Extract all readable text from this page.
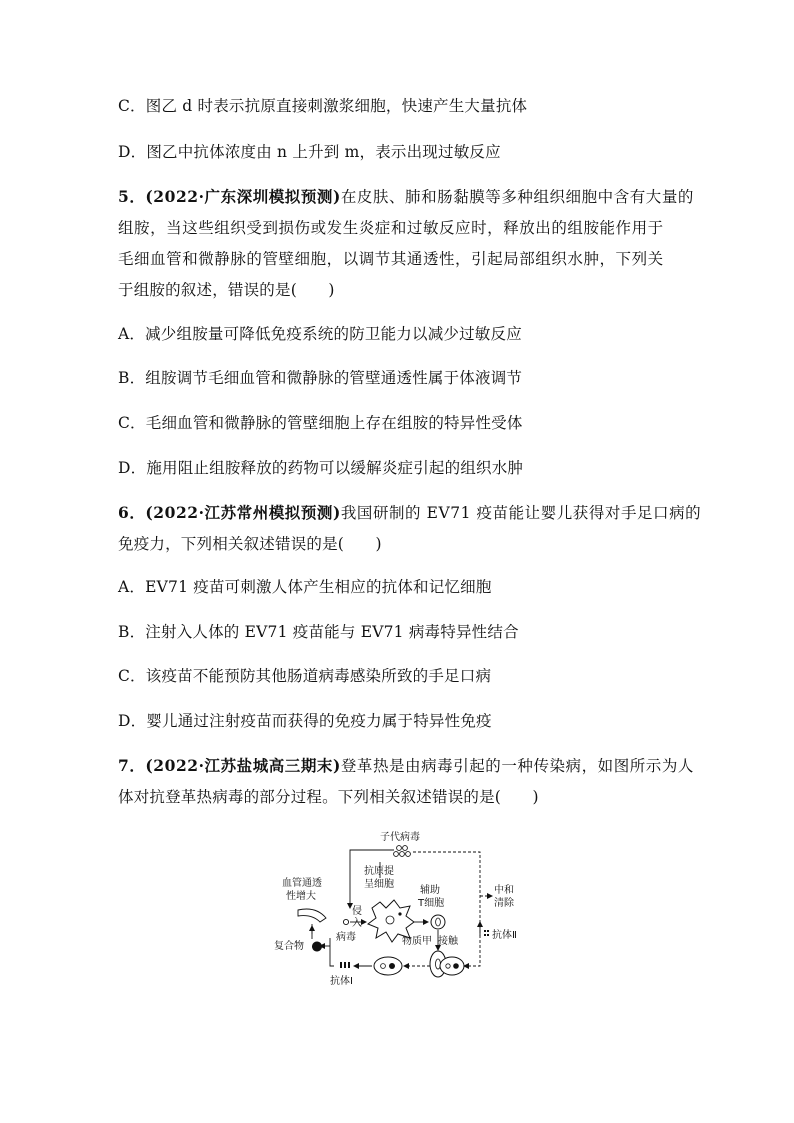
C．图乙 d 时表示抗原直接刺激浆细胞，快速产生大量抗体
D．图乙中抗体浓度由 n 上升到 m，表示出现过敏反应
5．(2022·广东深圳模拟预测)在皮肤、肺和肠黏膜等多种组织细胞中含有大量的
组胺，当这些组织受到损伤或发生炎症和过敏反应时，释放出的组胺能作用于
毛细血管和微静脉的管壁细胞，以调节其通透性，引起局部组织水肿，下列关
于组胺的叙述，错误的是(　　)
A．减少组胺量可降低免疫系统的防卫能力以减少过敏反应
B．组胺调节毛细血管和微静脉的管壁通透性属于体液调节
C．毛细血管和微静脉的管壁细胞上存在组胺的特异性受体
D．施用阻止组胺释放的药物可以缓解炎症引起的组织水肿
6．(2022·江苏常州模拟预测)我国研制的 EV71 疫苗能让婴儿获得对手足口病的
免疫力，下列相关叙述错误的是(　　)
A．EV71 疫苗可刺激人体产生相应的抗体和记忆细胞
B．注射入人体的 EV71 疫苗能与 EV71 病毒特异性结合
C．该疫苗不能预防其他肠道病毒感染所致的手足口病
D．婴儿通过注射疫苗而获得的免疫力属于特异性免疫
7．(2022·江苏盐城高三期末)登革热是由病毒引起的一种传染病，如图所示为人
体对抗登革热病毒的部分过程。下列相关叙述错误的是(　　)
子代病毒
抗原提
呈细胞
辅助
T细胞
血管通透
性增大
侵
入
病毒
复合物	物质甲 接触
中和
清除
抗体Ⅱ
抗体Ⅰ
